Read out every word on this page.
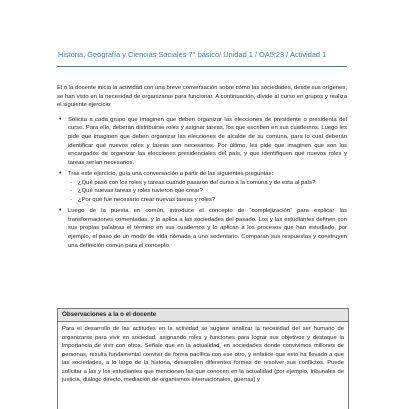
Historia, Geografía y Ciencias Sociales 7° básico/ Unidad 1 / OA5;23 / Actividad 1

El o la docente inicia la actividad con una breve conversación sobre cómo las sociedades, desde sus orígenes, se han visto en la necesidad de organizarse para funcionar. A continuación, divide al curso en grupos y realiza el siguiente ejercicio:

• Solicita a cada grupo que imaginen que deben organizar las elecciones de presidente o presidenta del curso. Para ello, deberán distribuirse roles y asignar tareas, los que escriben en sus cuadernos. Luego les pide que imaginen que deben organizar las elecciones de alcalde de su comuna, para lo cual deberán identificar qué nuevos roles y tareas son necesarios. Por último, les pide que imaginen que son los encargados de organizar las elecciones presidenciales del país, y que identifiquen qué nuevos roles y tareas serían necesarios.
• Tras este ejercicio, guía una conversación a partir de las siguientes preguntas:
- ¿Qué pasó con los roles y tareas cuando pasaron del curso a la comuna y de esta al país?
- ¿Qué nuevas tareas y roles tuvieron que crear?
- ¿Por qué fue necesario crear nuevas tareas y roles?
• Luego de la puesta en común, introduce el concepto de “complejización” para explicar las transformaciones comentadas, y lo aplica a las sociedades del pasado. Los y las estudiantes definen con sus propias palabras el término en sus cuadernos y lo aplican a los procesos que han estudiado, por ejemplo, el paso de un modo de vida nómada a uno sedentario. Comparan sus respuestas y construyen una definición común para el concepto.
Observaciones a la o el docente
Para el desarrollo de las actitudes en la actividad se sugiere analizar la necesidad del ser humano de organizarse para vivir en sociedad, asignando roles y funciones para lograr sus objetivos y destaque la importancia de vivir con otros. Señale que en la actualidad, en sociedades donde convivimos millones de personas, resulta fundamental convivir de forma pacífica con ese otro, y enfatice que esto ha llevado a que las sociedades, a lo largo de la historia, desarrollen diferentes formas de resolver sus conflictos. Puede solicitar a las y los estudiantes que mencionen las que conocen en la actualidad (por ejemplo, tribunales de justicia, diálogo directo, mediación de organismos internacionales, guerras) y
